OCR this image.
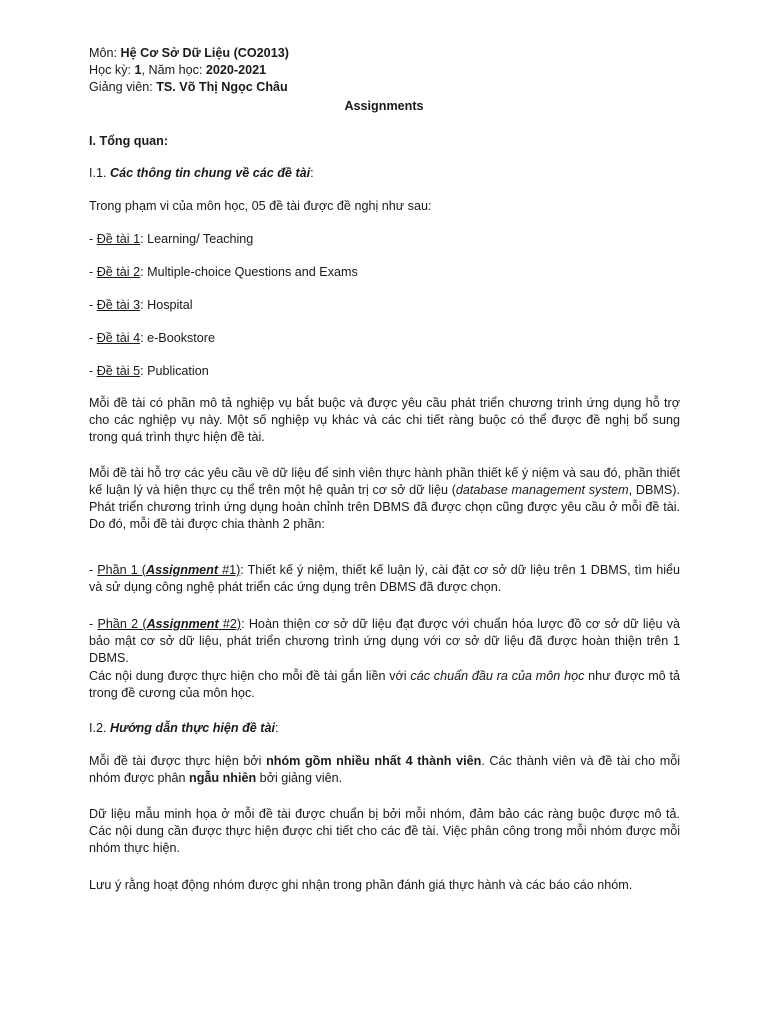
Môn: Hệ Cơ Sở Dữ Liệu (CO2013)

Học kỳ: 1, Năm học: 2020-2021

Giảng viên: TS. Võ Thị Ngọc Châu

Assignments
I. Tổng quan:
I.1. Các thông tin chung về các đề tài:
Trong phạm vi của môn học, 05 đề tài được đề nghị như sau:
- Đề tài 1: Learning/ Teaching
- Đề tài 2: Multiple-choice Questions and Exams
- Đề tài 3: Hospital
- Đề tài 4: e-Bookstore
- Đề tài 5: Publication

Mỗi đề tài có phần mô tả nghiệp vụ bắt buộc và được yêu cầu phát triển chương trình ứng dụng hỗ trợ cho các nghiệp vụ này. Một số nghiệp vụ khác và các chi tiết ràng buộc có thể được đề nghị bổ sung trong quá trình thực hiện đề tài.

Mỗi đề tài hỗ trợ các yêu cầu về dữ liệu để sinh viên thực hành phần thiết kế ý niệm và sau đó, phần thiết kế luận lý và hiện thực cụ thể trên một hệ quản trị cơ sở dữ liệu (database management system, DBMS). Phát triển chương trình ứng dụng hoàn chỉnh trên DBMS đã được chọn cũng được yêu cầu ở mỗi đề tài. Do đó, mỗi đề tài được chia thành 2 phần:

- Phần 1 (Assignment #1): Thiết kế ý niệm, thiết kế luận lý, cài đặt cơ sở dữ liệu trên 1 DBMS, tìm hiểu và sử dụng công nghệ phát triển các ứng dụng trên DBMS đã được chọn.

- Phần 2 (Assignment #2): Hoàn thiện cơ sở dữ liệu đạt được với chuẩn hóa lược đồ cơ sở dữ liệu và bảo mật cơ sở dữ liệu, phát triển chương trình ứng dụng với cơ sở dữ liệu đã được hoàn thiện trên 1 DBMS.

Các nội dung được thực hiện cho mỗi đề tài gắn liền với các chuẩn đầu ra của môn học như được mô tả trong đề cương của môn học.

I.2. Hướng dẫn thực hiện đề tài:

Mỗi đề tài được thực hiện bởi nhóm gồm nhiều nhất 4 thành viên. Các thành viên và đề tài cho mỗi nhóm được phân ngẫu nhiên bởi giảng viên.

Dữ liệu mẫu minh họa ở mỗi đề tài được chuẩn bị bởi mỗi nhóm, đảm bảo các ràng buộc được mô tả. Các nội dung cần được thực hiện được chi tiết cho các đề tài. Việc phân công trong mỗi nhóm được mỗi nhóm thực hiện.

Lưu ý rằng hoạt động nhóm được ghi nhận trong phần đánh giá thực hành và các báo cáo nhóm.
